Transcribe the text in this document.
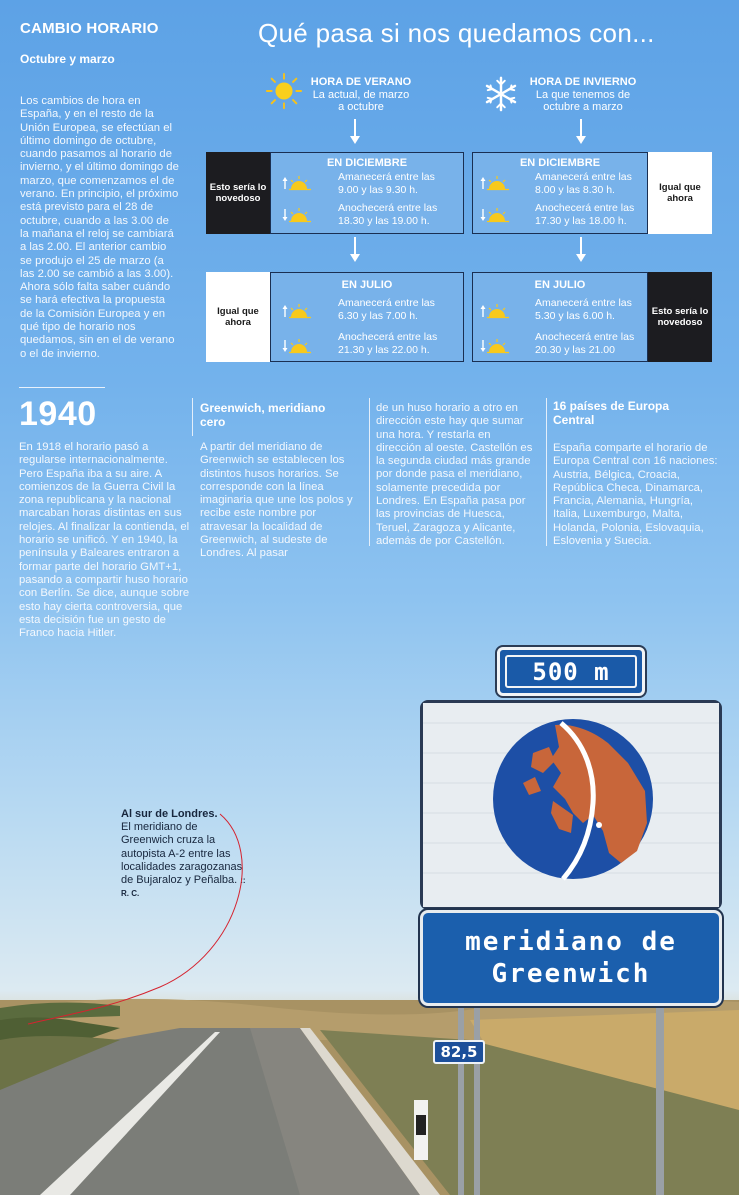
CAMBIO HORARIO
Octubre y marzo
Los cambios de hora en España, y en el resto de la Unión Europea, se efectúan el último domingo de octubre, cuando pasamos al horario de invierno, y el último domingo de marzo, que comenzamos el de verano. En principio, el próximo está previsto para el 28 de octubre, cuando a las 3.00 de la mañana el reloj se cambiará a las 2.00. El anterior cambio se produjo el 25 de marzo (a las 2.00 se cambió a las 3.00). Ahora sólo falta saber cuándo se hará efectiva la propuesta de la Comisión Europea y en qué tipo de horario nos quedamos, sin en el de verano o el de invierno.
Qué pasa si nos quedamos con...
HORA DE VERANO
La actual, de marzo
a octubre
HORA DE INVIERNO
La que tenemos de
octubre a marzo
Esto sería lo novedoso
EN DICIEMBRE	EN DICIEMBRE
Igual que ahora
Igual que ahora
EN JULIO	EN JULIO
Esto sería lo novedoso
Amanecerá entre las
9.00 y las 9.30 h.
Anochecerá entre las
18.30 y las 19.00 h.
Amanecerá entre las
8.00 y las 8.30 h.
Anochecerá entre las
17.30 y las 18.00 h.
Amanecerá entre las
6.30 y las 7.00 h.
Anochecerá entre las
21.30 y las 22.00 h.
Amanecerá entre las
5.30 y las 6.00 h.
Anochecerá entre las
20.30 y las 21.00
1940
En 1918 el horario pasó a regularse internacionalmente. Pero España iba a su aire. A comienzos de la Guerra Civil la zona republicana y la nacional marcaban horas distintas en sus relojes. Al finalizar la contienda, el horario se unificó. Y en 1940, la península y Baleares entraron a formar parte del horario GMT+1, pasando a compartir huso horario con Berlín. Se dice, aunque sobre esto hay cierta controversia, que esta decisión fue un gesto de Franco hacia Hitler.
Greenwich, meridiano cero
A partir del meridiano de Greenwich se establecen los distintos husos horarios. Se corresponde con la línea imaginaria que une los polos y recibe este nombre por atravesar la localidad de Greenwich, al sudeste de Londres. Al pasar
de un huso horario a otro en dirección este hay que sumar una hora. Y restarla en dirección al oeste. Castellón es la segunda ciudad más grande por donde pasa el meridiano, solamente precedida por Londres. En España pasa por las provincias de Huesca, Teruel, Zaragoza y Alicante, además de por Castellón.
16 países de Europa Central
España comparte el horario de Europa Central con 16 naciones: Austria, Bélgica, Croacia, República Checa, Dinamarca, Francia, Alemania, Hungría, Italia, Luxemburgo, Malta, Holanda, Polonia, Eslovaquia, Eslovenia y Suecia.
Al sur de Londres.
El meridiano de Greenwich cruza la autopista A-2 entre las localidades zaragozanas de Bujaraloz y Peñalba. :: R. C.
500 m
meridiano de
Greenwich
82,5
